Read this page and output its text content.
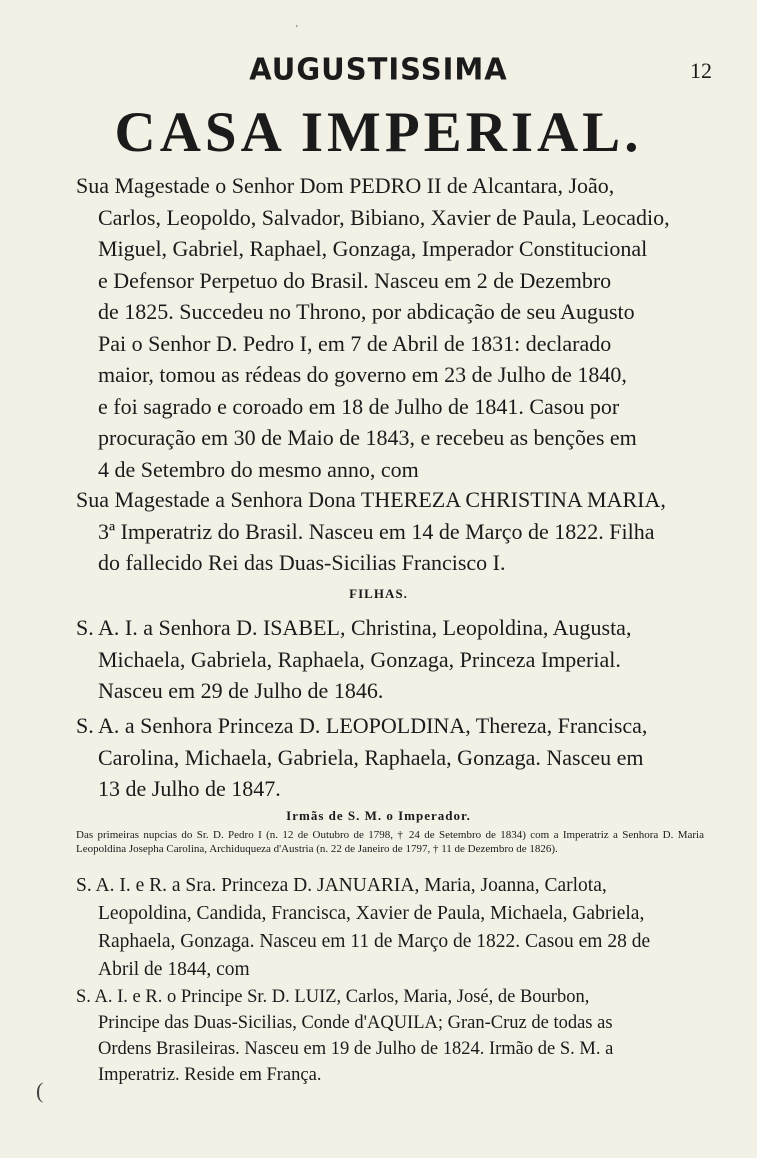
'
12
AUGUSTISSIMA
CASA IMPERIAL.
Sua Magestade o Senhor Dom PEDRO II de Alcantara, João,
Carlos, Leopoldo, Salvador, Bibiano, Xavier de Paula, Leocadio,
Miguel, Gabriel, Raphael, Gonzaga, Imperador Constitucional
e Defensor Perpetuo do Brasil. Nasceu em 2 de Dezembro
de 1825. Succedeu no Throno, por abdicação de seu Augusto
Pai o Senhor D. Pedro I, em 7 de Abril de 1831: declarado
maior, tomou as rédeas do governo em 23 de Julho de 1840,
e foi sagrado e coroado em 18 de Julho de 1841. Casou por
procuração em 30 de Maio de 1843, e recebeu as benções em
4 de Setembro do mesmo anno, com
Sua Magestade a Senhora Dona THEREZA CHRISTINA MARIA,
3ª Imperatriz do Brasil. Nasceu em 14 de Março de 1822. Filha
do fallecido Rei das Duas-Sicilias Francisco I.
FILHAS.
S. A. I. a Senhora D. ISABEL, Christina, Leopoldina, Augusta,
Michaela, Gabriela, Raphaela, Gonzaga, Princeza Imperial.
Nasceu em 29 de Julho de 1846.
S. A. a Senhora Princeza D. LEOPOLDINA, Thereza, Francisca,
Carolina, Michaela, Gabriela, Raphaela, Gonzaga. Nasceu em
13 de Julho de 1847.
Irmãs de S. M. o Imperador.
Das primeiras nupcias do Sr. D. Pedro I (n. 12 de Outubro de 1798, † 24 de Setembro de 1834) com a Imperatriz a Senhora D. Maria Leopoldina Josepha Carolina, Archiduqueza d'Austria (n. 22 de Janeiro de 1797, † 11 de Dezembro de 1826).
S. A. I. e R. a Sra. Princeza D. JANUARIA, Maria, Joanna, Carlota,
Leopoldina, Candida, Francisca, Xavier de Paula, Michaela, Gabriela,
Raphaela, Gonzaga. Nasceu em 11 de Março de 1822. Casou em 28 de
Abril de 1844, com
S. A. I. e R. o Principe Sr. D. LUIZ, Carlos, Maria, José, de Bourbon,
Principe das Duas-Sicilias, Conde d'AQUILA; Gran-Cruz de todas as
Ordens Brasileiras. Nasceu em 19 de Julho de 1824. Irmão de S. M. a
Imperatriz. Reside em França.
(
